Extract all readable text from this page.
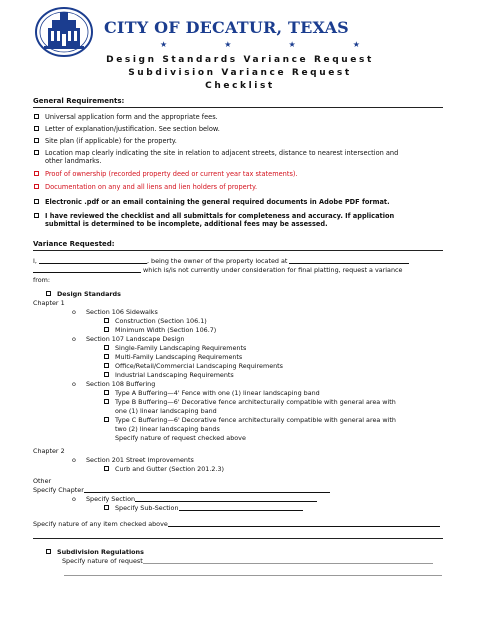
CITY OF DECATUR, TEXAS
★	★	★	★
Design Standards Variance Request
Subdivision Variance Request
Checklist
General Requirements:
Universal application form and the appropriate fees.
Letter of explanation/justification. See section below.
Site plan (if applicable) for the property.
Location map clearly indicating the site in relation to adjacent streets, distance to nearest intersection and
other landmarks.
Proof of ownership (recorded property deed or current year tax statements).
Documentation on any and all liens and lien holders of property.
Electronic .pdf or an email containing the general required documents in Adobe PDF format.
I have reviewed the checklist and all submittals for completeness and accuracy. If application
submittal is determined to be incomplete, additional fees may be assessed.
Variance Requested:
I,	, being the owner of the property located at
which is/is not currently under consideration for final platting, request a variance
from:
Design Standards
Chapter 1
o Section 106 Sidewalks
Construction (Section 106.1)
Minimum Width (Section 106.7)
o Section 107 Landscape Design
Single-Family Landscaping Requirements
Multi-Family Landscaping Requirements
Office/Retail/Commercial Landscaping Requirements
Industrial Landscaping Requirements
o Section 108 Buffering
Type A Buffering—4' Fence with one (1) linear landscaping band
Type B Buffering—6' Decorative fence architecturally compatible with general area with
one (1) linear landscaping band
Type C Buffering—6' Decorative fence architecturally compatible with general area with
two (2) linear landscaping bands
Specify nature of request checked above
Chapter 2
o Section 201 Street Improvements
Curb and Gutter (Section 201.2.3)
Other
Specify Chapter
o Specify Section
Specify Sub-Section
Specify nature of any item checked above
Subdivision Regulations
Specify nature of request
